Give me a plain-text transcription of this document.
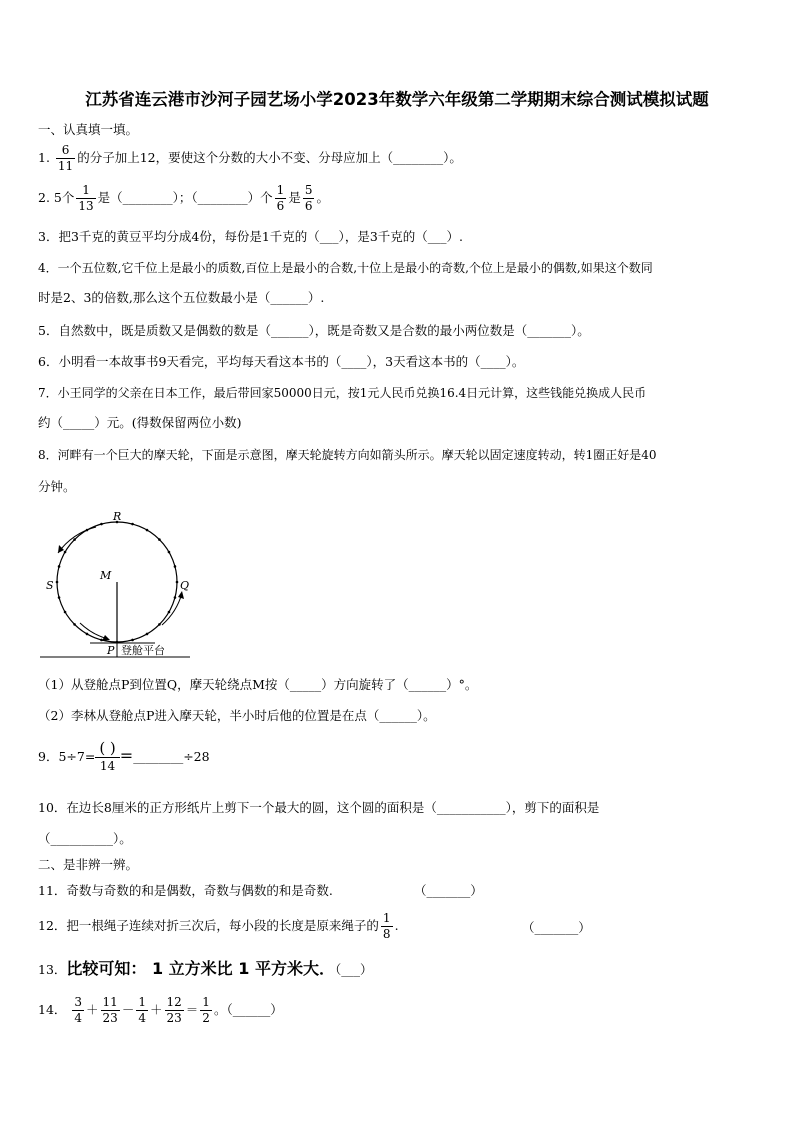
江苏省连云港市沙河子园艺场小学2023年数学六年级第二学期期末综合测试模拟试题
一、认真填一填。
1. $\frac{6}{11}$ 的分子加上12，要使这个分数的大小不变、分母应加上（________）。
2. 5个 $\frac{1}{13}$ 是（________）；（________）个 $\frac{1}{6}$ 是 $\frac{5}{6}$ 。
3．把3千克的黄豆平均分成4份，每份是1千克的（___），是3千克的（___）.
4．一个五位数,它千位上是最小的质数,百位上是最小的合数,十位上是最小的奇数,个位上是最小的偶数,如果这个数同
时是2、3的倍数,那么这个五位数最小是（______）.
5．自然数中，既是质数又是偶数的数是（______），既是奇数又是合数的最小两位数是（_______）。
6．小明看一本故事书9天看完，平均每天看这本书的（____），3天看这本书的（____）。
7．小王同学的父亲在日本工作，最后带回家50000日元，按1元人民币兑换16.4日元计算，这些钱能兑换成人民币
约（_____）元。(得数保留两位小数)
8．河畔有一个巨大的摩天轮，下面是示意图，摩天轮旋转方向如箭头所示。摩天轮以固定速度转动，转1圈正好是40
分钟。
R
S
M
Q
P 登舱平台
（1）从登舱点P到位置Q，摩天轮绕点M按（_____）方向旋转了（______）°。
（2）李林从登舱点P进入摩天轮，半小时后他的位置是在点（______）。
9．$5\div 7= \frac{( )}{14}$ =________÷28
10．在边长8厘米的正方形纸片上剪下一个最大的圆，这个圆的面积是（___________），剪下的面积是
（__________）。
二、是非辨一辨。
11．奇数与奇数的和是偶数，奇数与偶数的和是奇数.	（_______）
12．把一根绳子连续对折三次后，每小段的长度是原来绳子的 $\frac{1}{8}$ .	（_______）
13．比较可知： 1 立方米比 1 平方米大．（___）
14． $\frac{3}{4} + \frac{11}{23} - \frac{1}{4} + \frac{12}{23} = \frac{1}{2}$ 。（______）
